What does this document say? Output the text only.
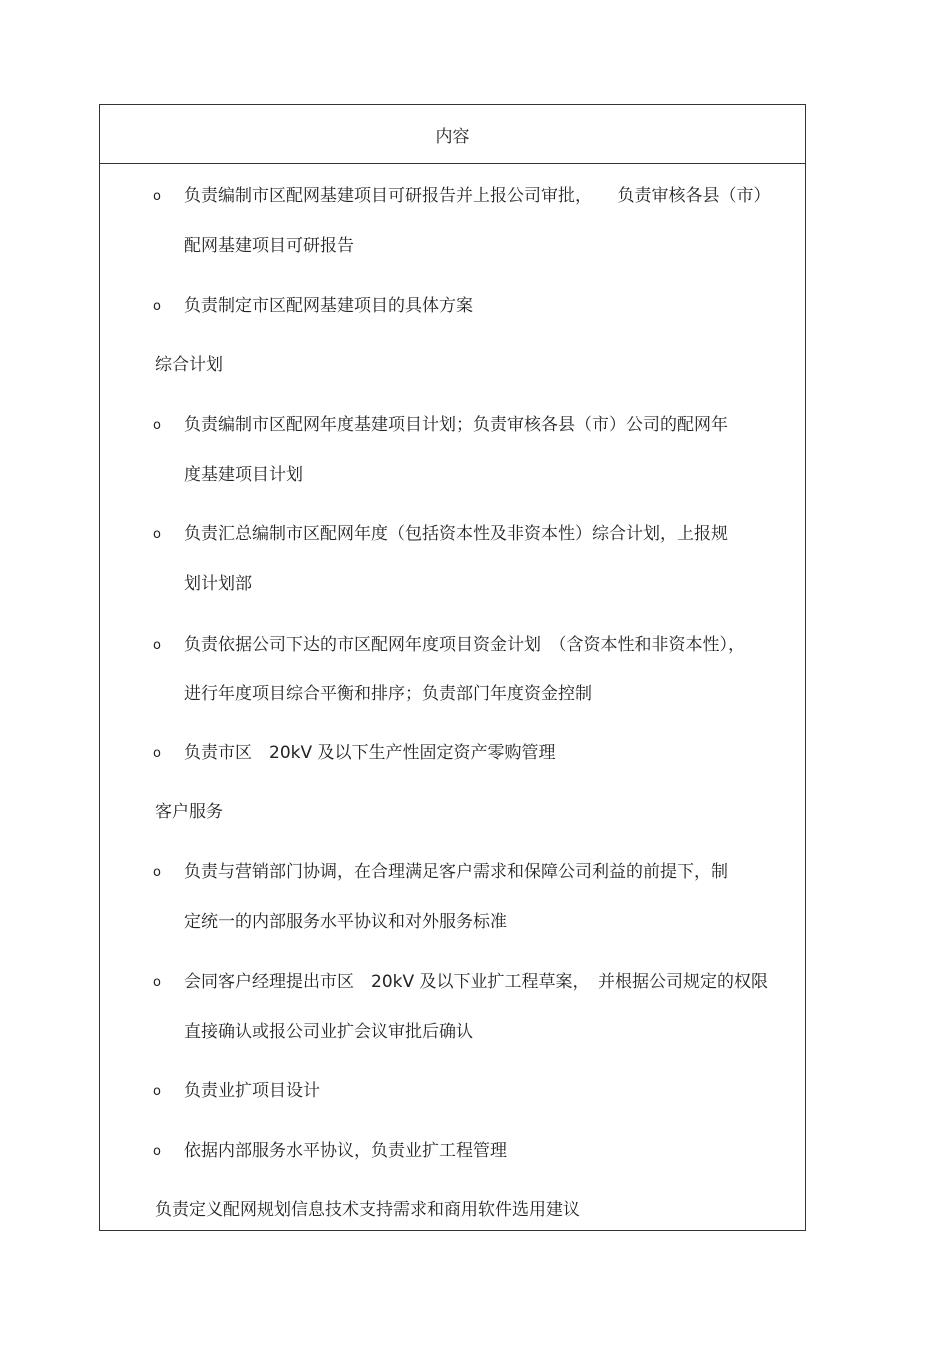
内容
o 负责编制市区配网基建项目可研报告并上报公司审批，　　负责审核各县（市）
配网基建项目可研报告
o 负责制定市区配网基建项目的具体方案
综合计划
o 负责编制市区配网年度基建项目计划；负责审核各县（市）公司的配网年
度基建项目计划
o 负责汇总编制市区配网年度（包括资本性及非资本性）综合计划，上报规
划计划部
o 负责依据公司下达的市区配网年度项目资金计划　（含资本性和非资本性），
进行年度项目综合平衡和排序；负责部门年度资金控制
o 负责市区　20kV 及以下生产性固定资产零购管理
客户服务
o 负责与营销部门协调，在合理满足客户需求和保障公司利益的前提下，制
定统一的内部服务水平协议和对外服务标准
o 会同客户经理提出市区　20kV 及以下业扩工程草案，　并根据公司规定的权限
直接确认或报公司业扩会议审批后确认
o 负责业扩项目设计
o 依据内部服务水平协议，负责业扩工程管理
负责定义配网规划信息技术支持需求和商用软件选用建议
